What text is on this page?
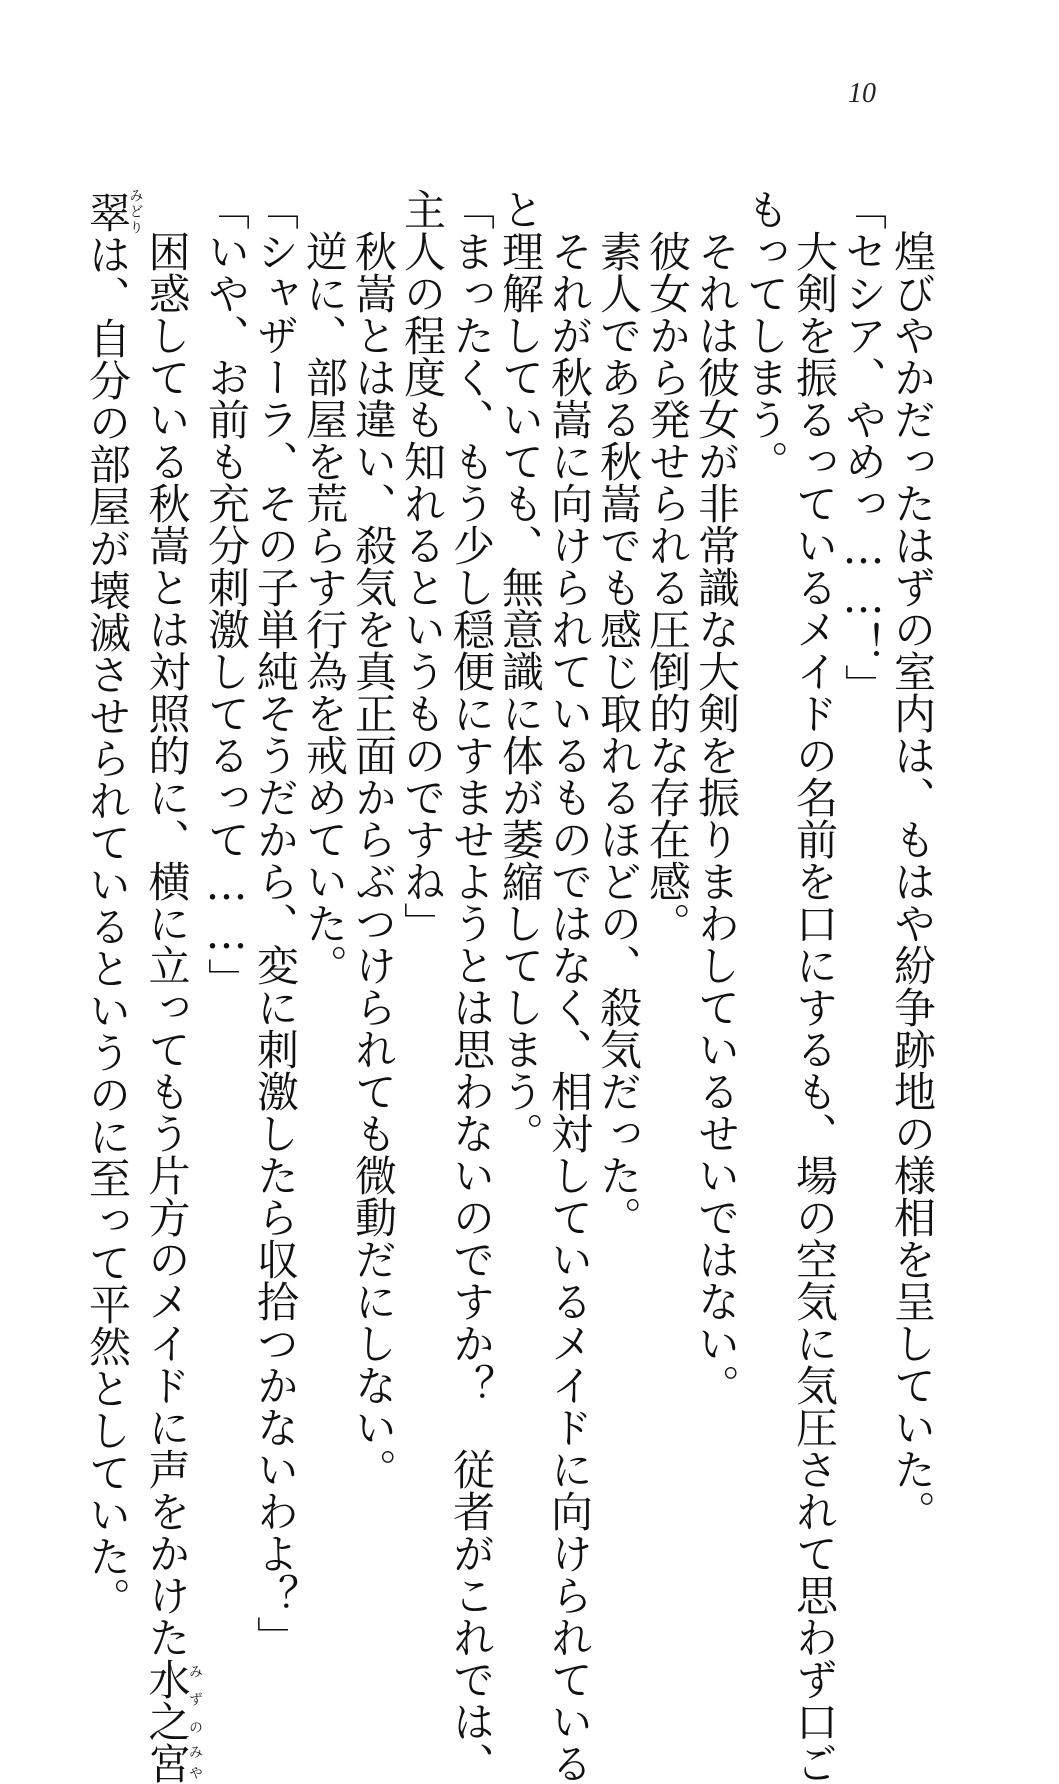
10

煌びやかだったはずの室内は、もはや紛争跡地の様相を呈していた。

「セシア、やめっ……！」

大剣を振るっているメイドの名前を口にするも、場の空気に気圧されて思わず口ご

もってしまう。

それは彼女が非常識な大剣を振りまわしているせいではない。

彼女から発せられる圧倒的な存在感。

素人である秋嵩でも感じ取れるほどの、殺気だった。

それが秋嵩に向けられているものではなく、相対しているメイドに向けられている

と理解していても、無意識に体が萎縮してしまう。

「まったく、もう少し穏便にすませようとは思わないのですか？　従者がこれでは、

主人の程度も知れるというものですね」

秋嵩とは違い、殺気を真正面からぶつけられても微動だにしない。

逆に、部屋を荒らす行為を戒めていた。

「シャザーラ、その子単純そうだから、変に刺激したら収拾つかないわよ？」

「いや、お前も充分刺激してるって……」

困惑している秋嵩とは対照的に、横に立ってもう片方のメイドに声をかけた水之みずの宮みや

翠みどりは、自分の部屋が壊滅させられているというのに至って平然としていた。
